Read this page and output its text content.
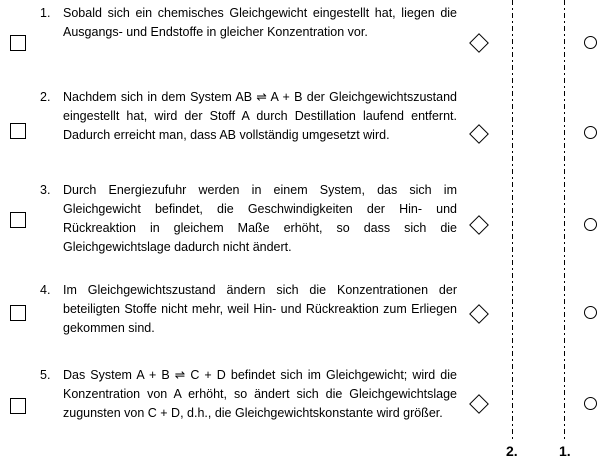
1.	Sobald sich ein chemisches Gleichgewicht eingestellt hat, liegen die Ausgangs- und Endstoffe in gleicher Konzentration vor.

2.	Nachdem sich in dem System AB ⇌ A + B der Gleichgewichtszustand eingestellt hat, wird der Stoff A durch Destillation laufend entfernt. Dadurch erreicht man, dass AB vollständig umgesetzt wird.

3.	Durch Energiezufuhr werden in einem System, das sich im Gleichgewicht befindet, die Geschwindigkeiten der Hin- und Rückreaktion in gleichem Maße erhöht, so dass sich die Gleichgewichtslage dadurch nicht ändert.

4.	Im Gleichgewichtszustand ändern sich die Konzentrationen der beteiligten Stoffe nicht mehr, weil Hin- und Rückreaktion zum Erliegen gekommen sind.

5.	Das System A + B ⇌ C + D befindet sich im Gleichgewicht; wird die Konzentration von A erhöht, so ändert sich die Gleichgewichtslage zugunsten von C + D, d.h., die Gleichgewichtskonstante wird größer.

2.	1.
